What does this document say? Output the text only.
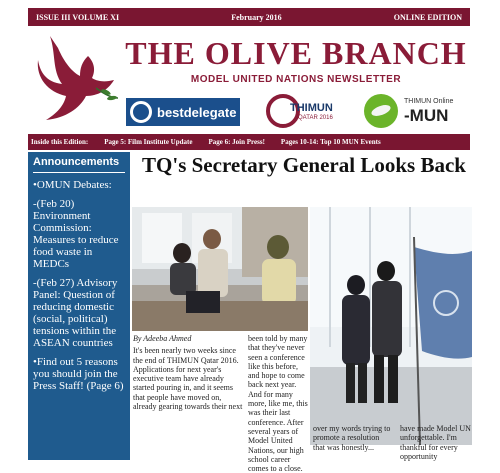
ISSUE III VOLUME XI	February 2016	ONLINE EDITION
THE OLIVE BRANCH
MODEL UNITED NATIONS NEWSLETTER
bestdelegate	THIMUN
QATAR 2016
THIMUN Online
-MUN
Inside this Edition: Page 5: Film Institute Update Page 6: Join Press! Pages 10-14: Top 10 MUN Events
Announcements
•OMUN Debates:
-(Feb 20) Environment Commission: Measures to reduce food waste in MEDCs
-(Feb 27) Advisory Panel: Question of reducing domestic (social, political) tensions within the ASEAN countries
•Find out 5 reasons you should join the Press Staff! (Page 6)
TQ's Secretary General Looks Back
By Adeeba Ahmed
It's been nearly two weeks since the end of THIMUN Qatar 2016. Applications for next year's executive team have already started pouring in, and it seems that people have moved on, already gearing towards their next
been told by many that they've never seen a conference like this before, and hope to come back next year. And for many more, like me, this was their last conference. After several years of Model United Nations, our high school career comes to a close.
over my words trying to promote a resolution that was honestly...
have made Model UN unforgettable. I'm thankful for every opportunity
